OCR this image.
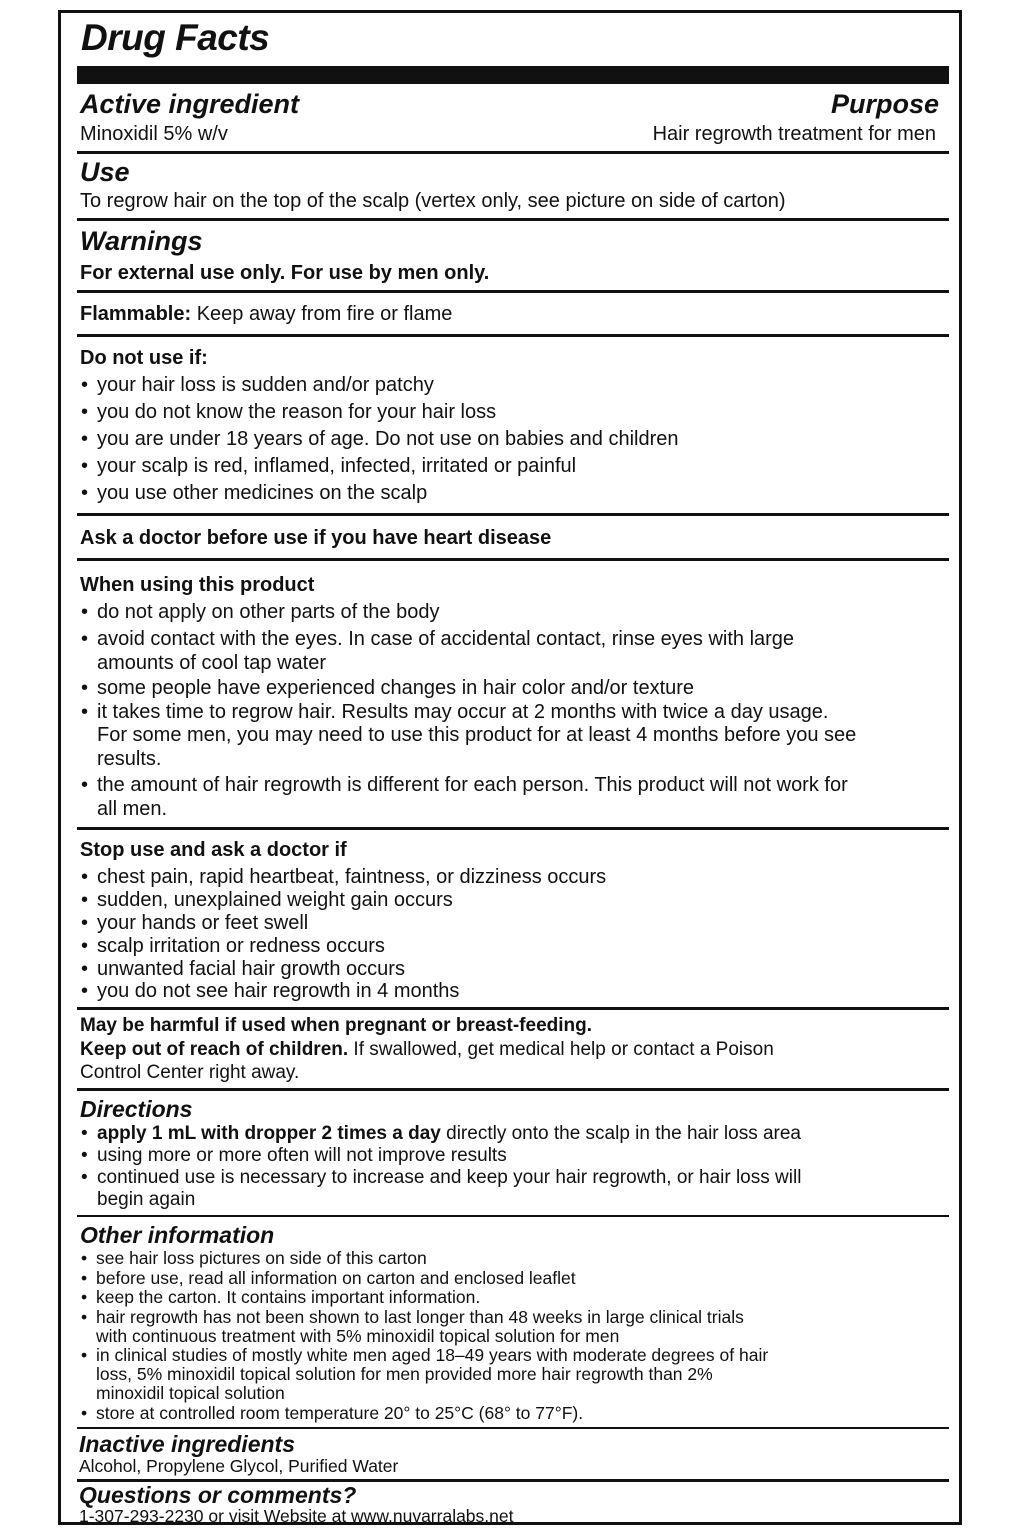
Drug Facts
Active ingredient	Purpose
Minoxidil 5% w/v	Hair regrowth treatment for men
Use
To regrow hair on the top of the scalp (vertex only, see picture on side of carton)
Warnings
For external use only. For use by men only.
Flammable: Keep away from fire or flame
Do not use if:
• your hair loss is sudden and/or patchy
• you do not know the reason for your hair loss
• you are under 18 years of age. Do not use on babies and children
• your scalp is red, inflamed, infected, irritated or painful
• you use other medicines on the scalp
Ask a doctor before use if you have heart disease
When using this product
• do not apply on other parts of the body
• avoid contact with the eyes. In case of accidental contact, rinse eyes with large
amounts of cool tap water
• some people have experienced changes in hair color and/or texture
• it takes time to regrow hair. Results may occur at 2 months with twice a day usage.
For some men, you may need to use this product for at least 4 months before you see
results.
• the amount of hair regrowth is different for each person. This product will not work for
all men.
Stop use and ask a doctor if
• chest pain, rapid heartbeat, faintness, or dizziness occurs
• sudden, unexplained weight gain occurs
• your hands or feet swell
• scalp irritation or redness occurs
• unwanted facial hair growth occurs
• you do not see hair regrowth in 4 months
May be harmful if used when pregnant or breast-feeding.
Keep out of reach of children. If swallowed, get medical help or contact a Poison
Control Center right away.
Directions
• apply 1 mL with dropper 2 times a day directly onto the scalp in the hair loss area
• using more or more often will not improve results
• continued use is necessary to increase and keep your hair regrowth, or hair loss will
begin again
Other information
• see hair loss pictures on side of this carton
• before use, read all information on carton and enclosed leaflet
• keep the carton. It contains important information.
• hair regrowth has not been shown to last longer than 48 weeks in large clinical trials
with continuous treatment with 5% minoxidil topical solution for men
• in clinical studies of mostly white men aged 18–49 years with moderate degrees of hair
loss, 5% minoxidil topical solution for men provided more hair regrowth than 2%
minoxidil topical solution
• store at controlled room temperature 20° to 25°C (68° to 77°F).
Inactive ingredients
Alcohol, Propylene Glycol, Purified Water
Questions or comments?
1-307-293-2230 or visit Website at www.nuvarralabs.net
